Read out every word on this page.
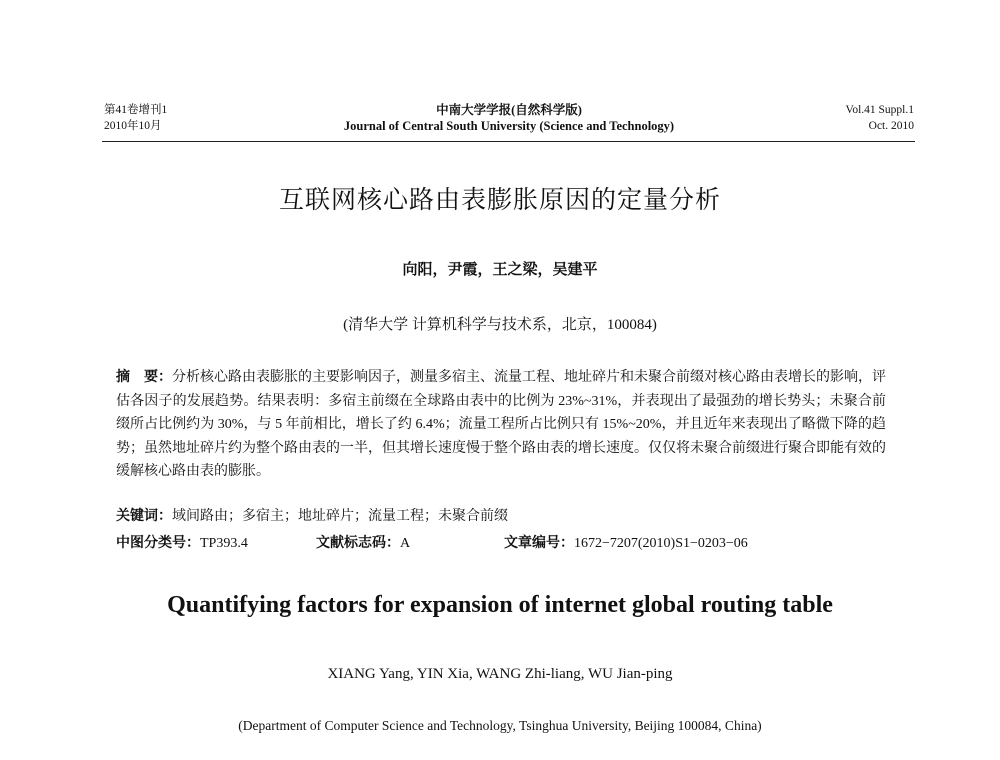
第41卷增刊1
2010年10月
中南大学学报(自然科学版)
Journal of Central South University (Science and Technology)
Vol.41 Suppl.1
Oct. 2010
互联网核心路由表膨胀原因的定量分析
向阳，尹霞，王之梁，吴建平
(清华大学 计算机科学与技术系，北京，100084)
摘　要：分析核心路由表膨胀的主要影响因子，测量多宿主、流量工程、地址碎片和未聚合前缀对核心路由表增长的影响，评估各因子的发展趋势。结果表明：多宿主前缀在全球路由表中的比例为 23%~31%，并表现出了最强劲的增长势头；未聚合前缀所占比例约为 30%，与 5 年前相比，增长了约 6.4%；流量工程所占比例只有 15%~20%，并且近年来表现出了略微下降的趋势；虽然地址碎片约为整个路由表的一半，但其增长速度慢于整个路由表的增长速度。仅仅将未聚合前缀进行聚合即能有效的缓解核心路由表的膨胀。
关键词：域间路由；多宿主；地址碎片；流量工程；未聚合前缀
中图分类号：TP393.4	文献标志码：A	文章编号：1672−7207(2010)S1−0203−06
Quantifying factors for expansion of internet global routing table
XIANG Yang, YIN Xia, WANG Zhi-liang, WU Jian-ping
(Department of Computer Science and Technology, Tsinghua University, Beijing 100084, China)
